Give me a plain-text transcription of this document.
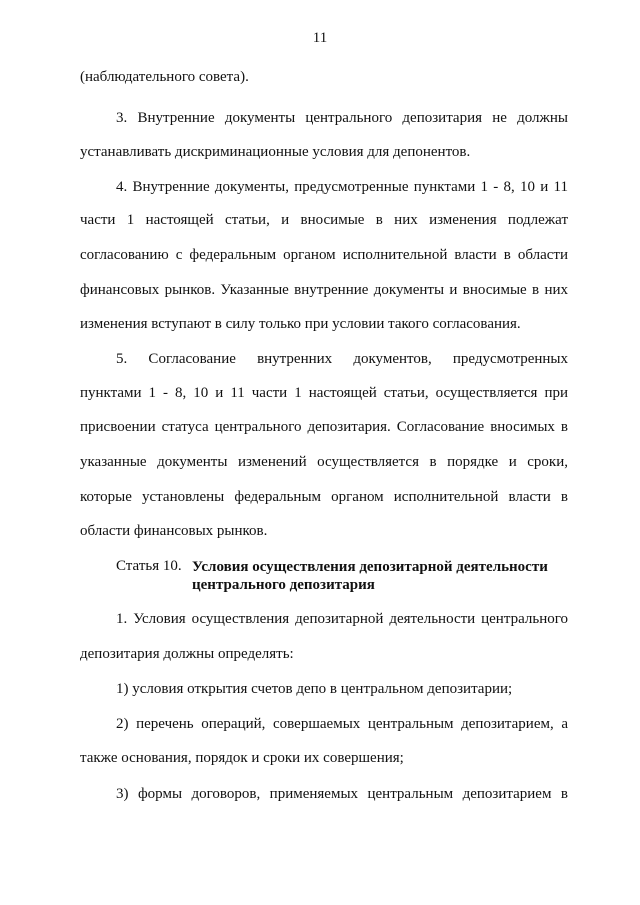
11

(наблюдательного совета).

3. Внутренние документы центрального депозитария не должны

устанавливать дискриминационные условия для депонентов.

4. Внутренние документы, предусмотренные пунктами 1 - 8, 10 и 11

части 1 настоящей статьи, и вносимые в них изменения подлежат

согласованию с федеральным органом исполнительной власти в области

финансовых рынков. Указанные внутренние документы и вносимые в них

изменения вступают в силу только при условии такого согласования.

5. Согласование внутренних документов, предусмотренных

пунктами 1 - 8, 10 и 11 части 1 настоящей статьи, осуществляется при

присвоении статуса центрального депозитария. Согласование вносимых в

указанные документы изменений осуществляется в порядке и сроки,

которые установлены федеральным органом исполнительной власти в

области финансовых рынков.

Статья 10. Условия осуществления депозитарной деятельности центрального депозитария

1. Условия осуществления депозитарной деятельности центрального

депозитария должны определять:

1) условия открытия счетов депо в центральном депозитарии;

2) перечень операций, совершаемых центральным депозитарием, а

также основания, порядок и сроки их совершения;

3) формы договоров, применяемых центральным депозитарием в
